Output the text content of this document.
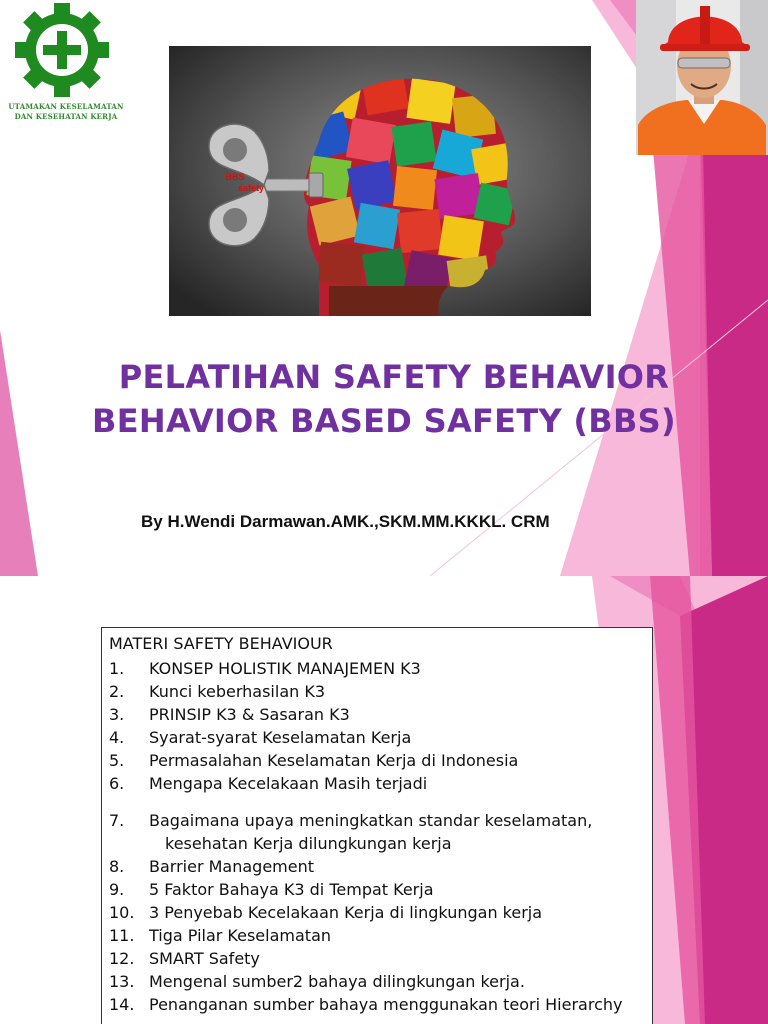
UTAMAKAN KESELAMATAN
DAN KESEHATAN KERJA
BBS
safety
PELATIHAN SAFETY BEHAVIOR
BEHAVIOR BASED SAFETY (BBS)
By H.Wendi Darmawan.AMK.,SKM.MM.KKKL. CRM
MATERI SAFETY BEHAVIOUR
1. KONSEP HOLISTIK MANAJEMEN K3
2. Kunci keberhasilan K3
3. PRINSIP K3 & Sasaran K3
4. Syarat-syarat Keselamatan Kerja
5. Permasalahan Keselamatan Kerja di Indonesia
6. Mengapa Kecelakaan Masih terjadi
7. Bagaimana upaya meningkatkan standar keselamatan,
kesehatan Kerja dilungkungan kerja
8. Barrier Management
9. 5 Faktor Bahaya K3 di Tempat Kerja
10. 3 Penyebab Kecelakaan Kerja di lingkungan kerja
11. Tiga Pilar Keselamatan
12. SMART Safety
13. Mengenal sumber2 bahaya dilingkungan kerja.
14. Penanganan sumber bahaya menggunakan teori Hierarchy
